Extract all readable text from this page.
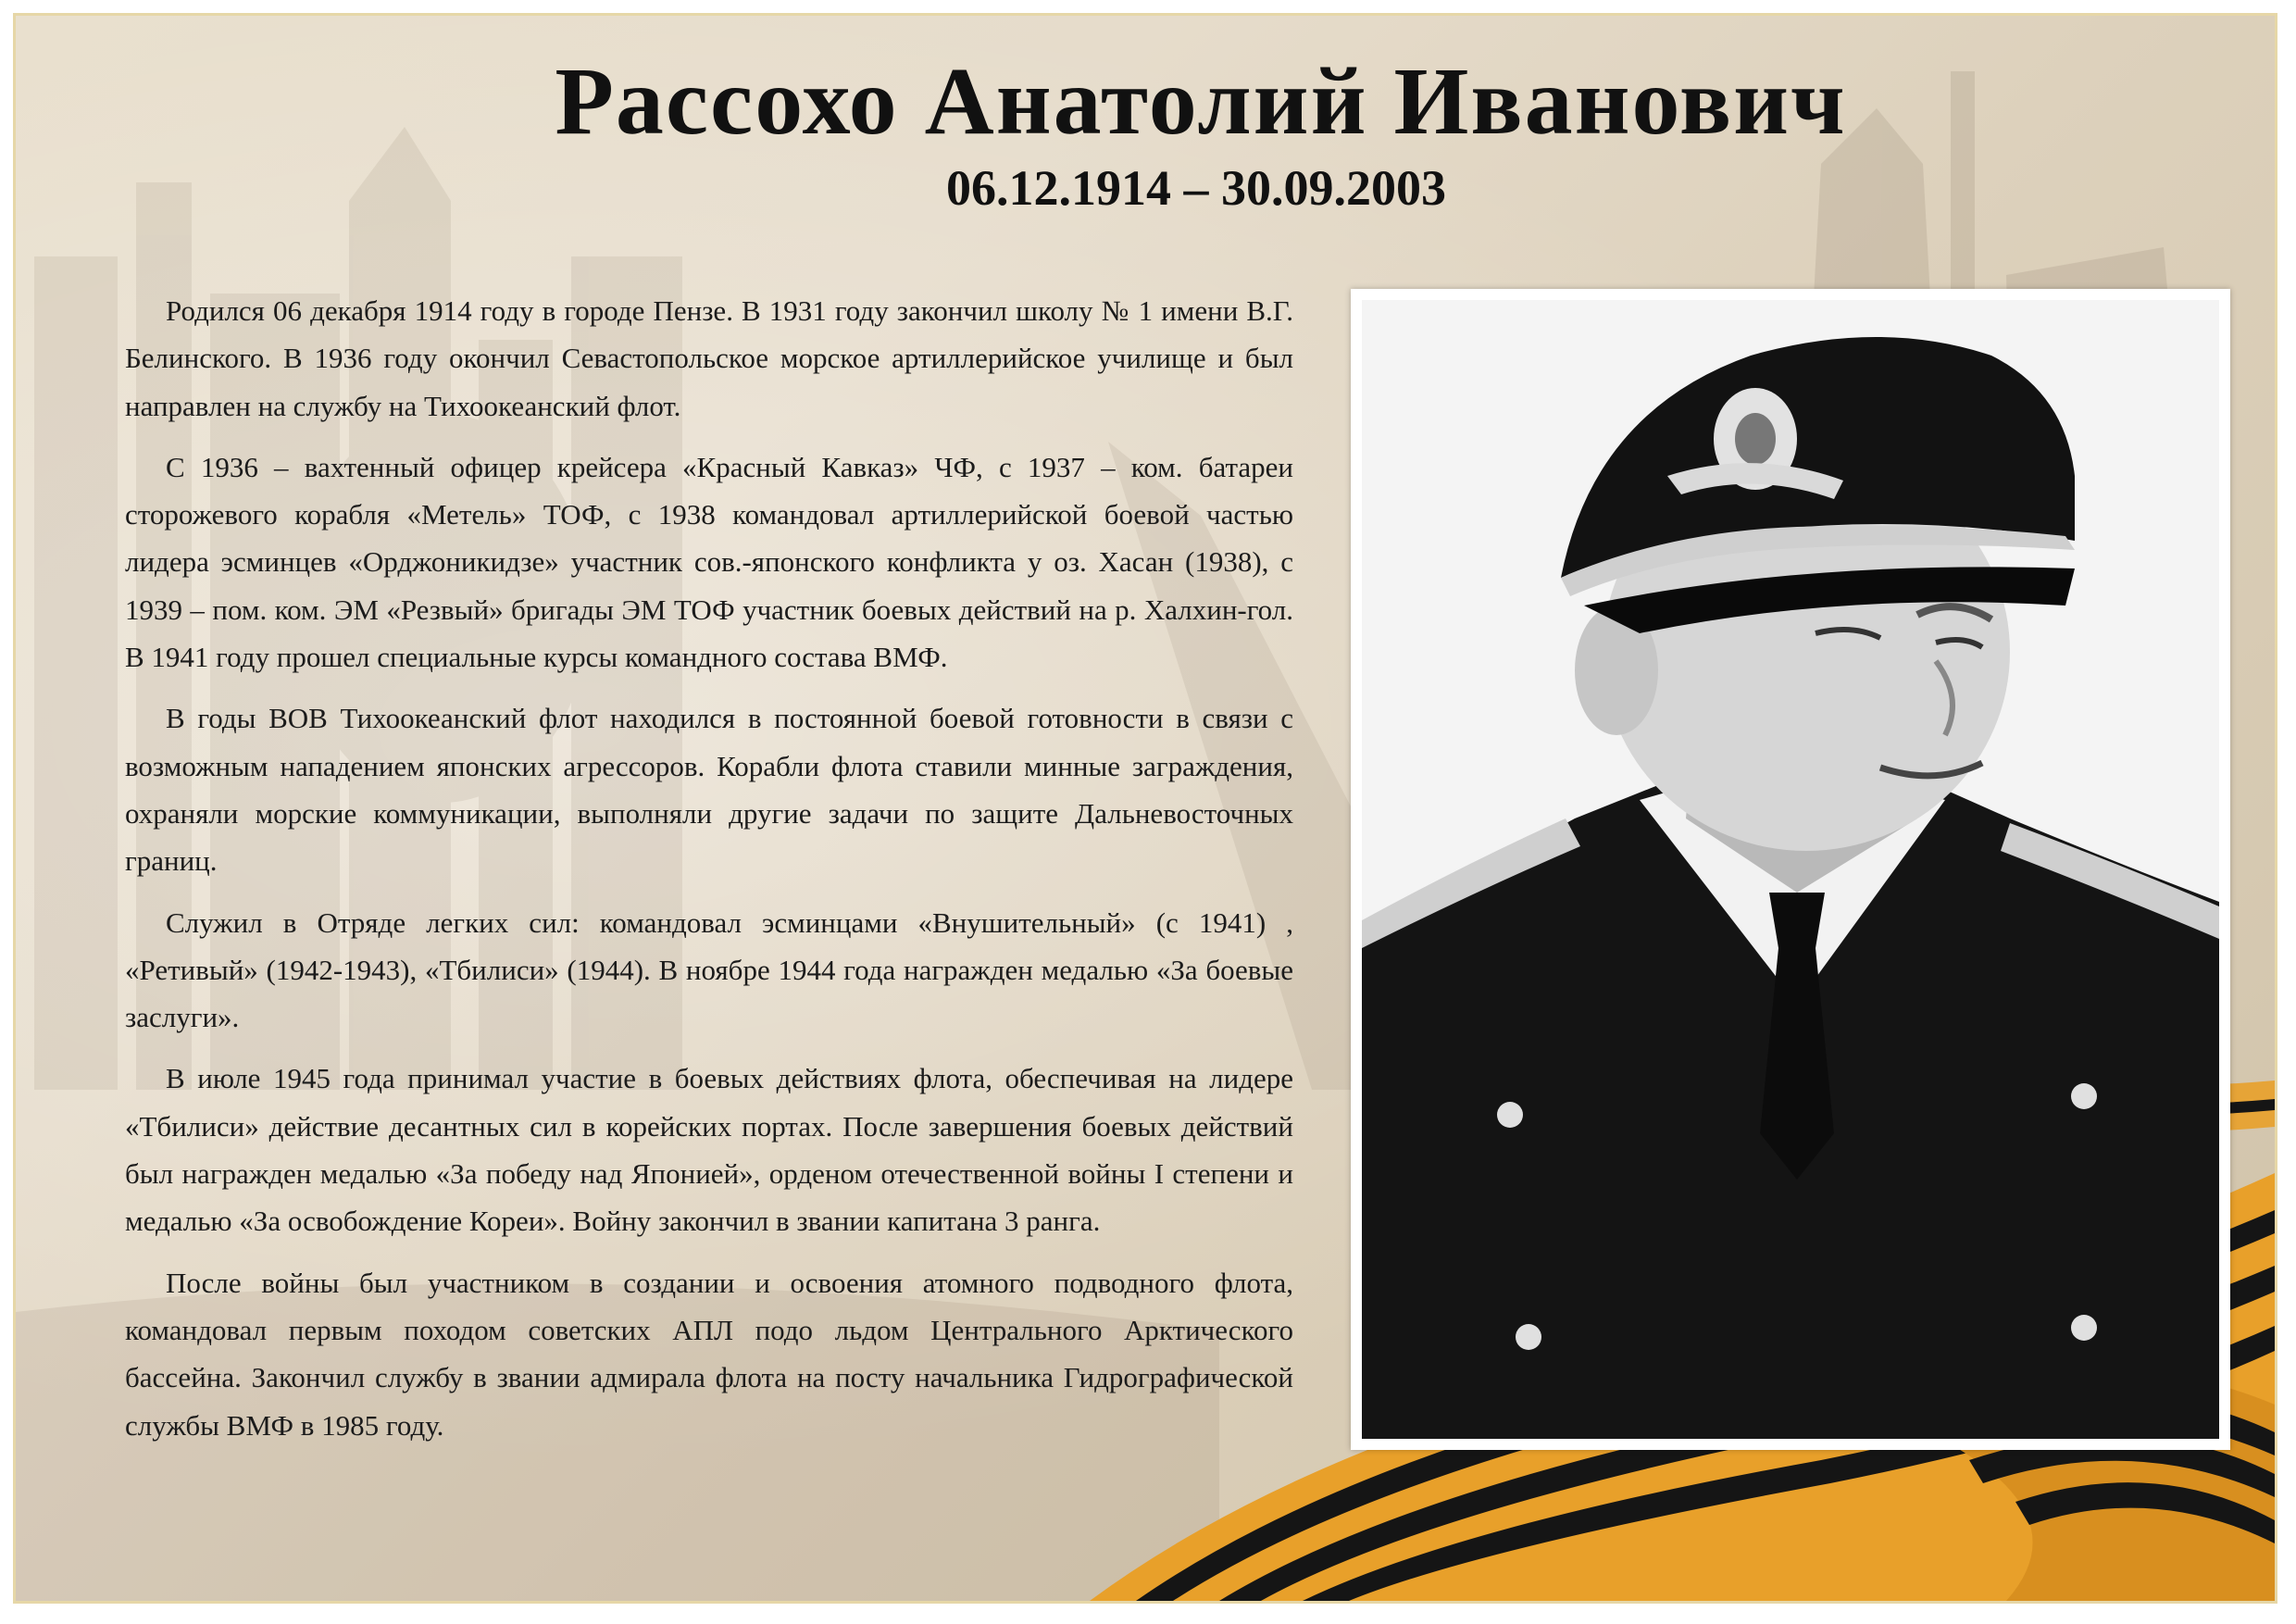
Рассохо Анатолий Иванович
06.12.1914 – 30.09.2003

Родился 06 декабря 1914 году в городе Пензе. В 1931 году закончил школу № 1 имени В.Г. Белинского. В 1936 году окончил Севастопольское морское артиллерийское училище и был направлен на службу на Тихоокеанский флот.

С 1936 – вахтенный офицер крейсера «Красный Кавказ» ЧФ, с 1937 – ком. батареи сторожевого корабля «Метель» ТОФ, с 1938 командовал артиллерийской боевой частью лидера эсминцев «Орджоникидзе» участник сов.-японского конфликта у оз. Хасан (1938), с 1939 – пом. ком. ЭМ «Резвый» бригады ЭМ ТОФ участник боевых действий на р. Халхин-гол. В 1941 году прошел специальные курсы командного состава ВМФ.

В годы ВОВ Тихоокеанский флот находился в постоянной боевой готовности в связи с возможным нападением японских агрессоров. Корабли флота ставили минные заграждения, охраняли морские коммуникации, выполняли другие задачи по защите Дальневосточных границ.

Служил в Отряде легких сил: командовал эсминцами «Внушительный» (с 1941) , «Ретивый» (1942-1943), «Тбилиси» (1944). В ноябре 1944 года награжден медалью «За боевые заслуги».

В июле 1945 года принимал участие в боевых действиях флота, обеспечивая на лидере «Тбилиси» действие десантных сил в корейских портах. После завершения боевых действий был награжден медалью «За победу над Японией», орденом отечественной войны I степени и медалью «За освобождение Кореи». Войну закончил в звании капитана 3 ранга.

После войны был участником в создании и освоения атомного подводного флота, командовал первым походом советских АПЛ подо льдом Центрального Арктического бассейна. Закончил службу в звании адмирала флота на посту начальника Гидрографической службы ВМФ в 1985 году.
